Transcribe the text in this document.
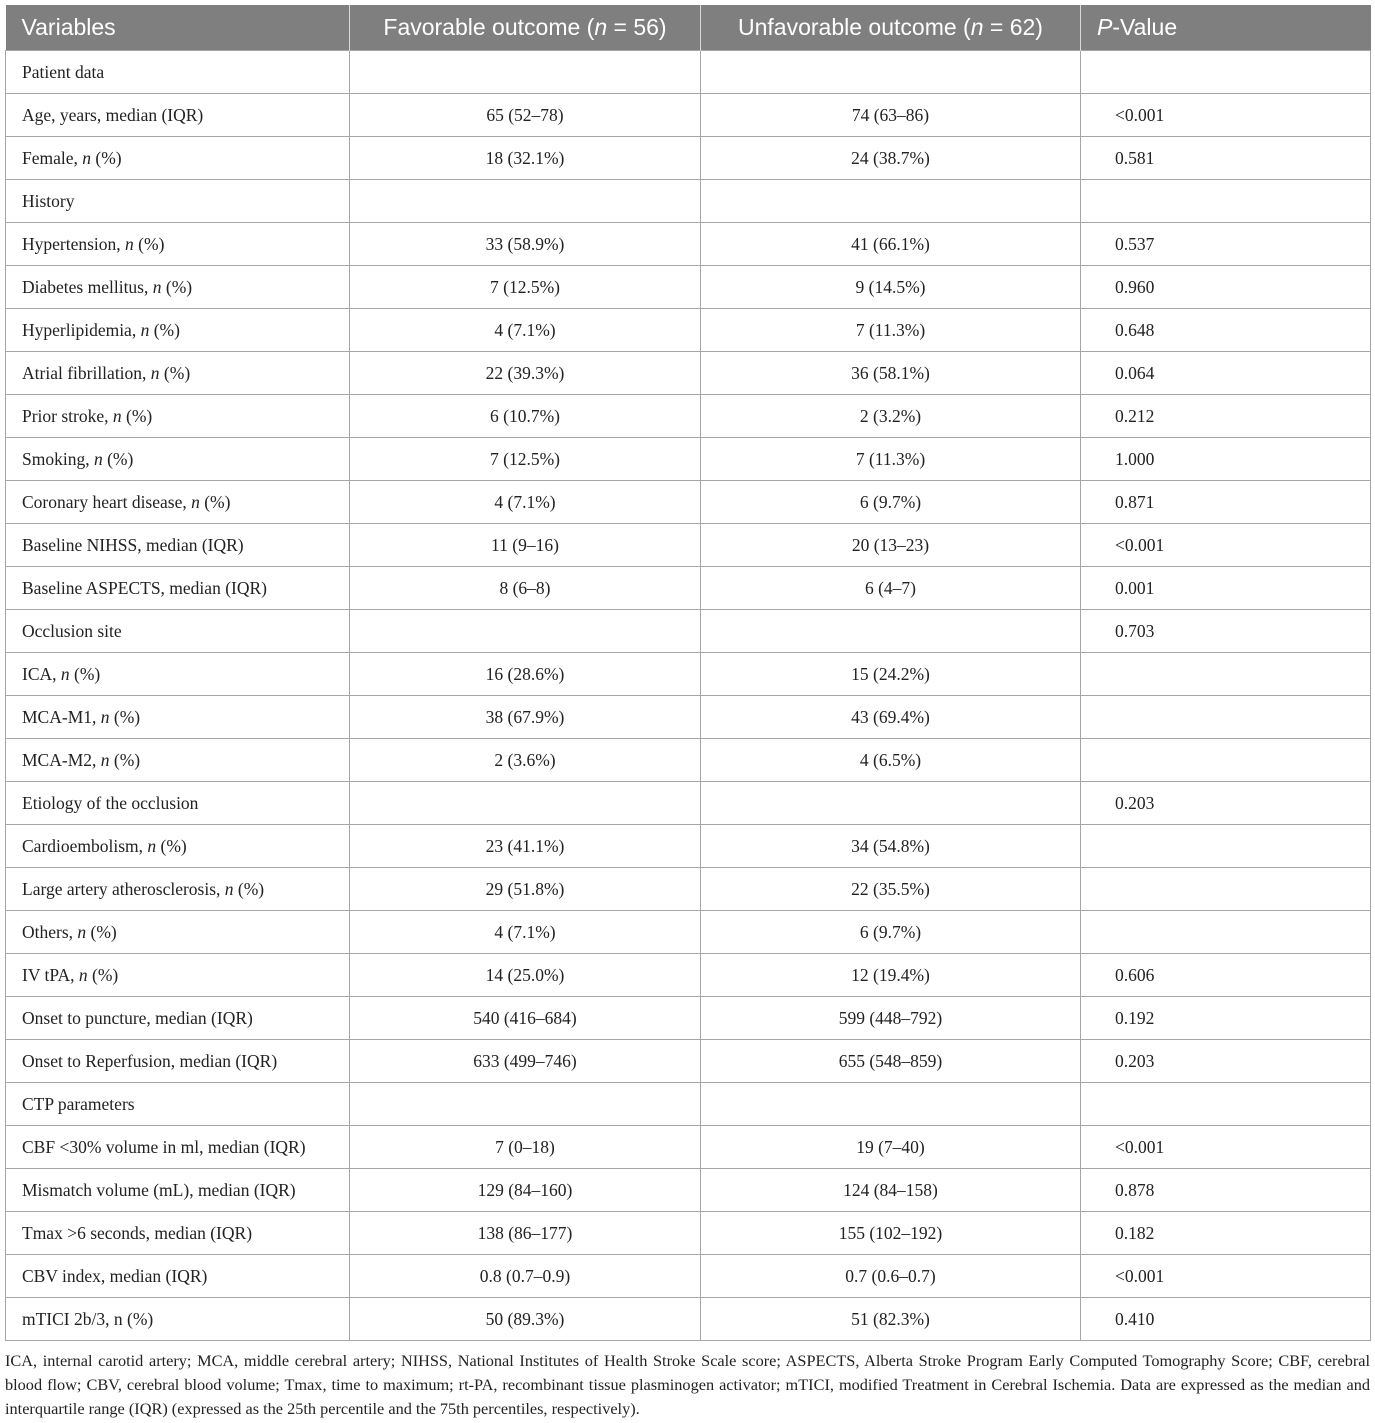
Variables	Favorable outcome (n = 56)	Unfavorable outcome (n = 62)	P-Value
Patient data			
Age, years, median (IQR)	65 (52–78)	74 (63–86)	<0.001
Female, n (%)	18 (32.1%)	24 (38.7%)	0.581
History			
Hypertension, n (%)	33 (58.9%)	41 (66.1%)	0.537
Diabetes mellitus, n (%)	7 (12.5%)	9 (14.5%)	0.960
Hyperlipidemia, n (%)	4 (7.1%)	7 (11.3%)	0.648
Atrial fibrillation, n (%)	22 (39.3%)	36 (58.1%)	0.064
Prior stroke, n (%)	6 (10.7%)	2 (3.2%)	0.212
Smoking, n (%)	7 (12.5%)	7 (11.3%)	1.000
Coronary heart disease, n (%)	4 (7.1%)	6 (9.7%)	0.871
Baseline NIHSS, median (IQR)	11 (9–16)	20 (13–23)	<0.001
Baseline ASPECTS, median (IQR)	8 (6–8)	6 (4–7)	0.001
Occlusion site			0.703
ICA, n (%)	16 (28.6%)	15 (24.2%)	
MCA-M1, n (%)	38 (67.9%)	43 (69.4%)	
MCA-M2, n (%)	2 (3.6%)	4 (6.5%)	
Etiology of the occlusion			0.203
Cardioembolism, n (%)	23 (41.1%)	34 (54.8%)	
Large artery atherosclerosis, n (%)	29 (51.8%)	22 (35.5%)	
Others, n (%)	4 (7.1%)	6 (9.7%)	
IV tPA, n (%)	14 (25.0%)	12 (19.4%)	0.606
Onset to puncture, median (IQR)	540 (416–684)	599 (448–792)	0.192
Onset to Reperfusion, median (IQR)	633 (499–746)	655 (548–859)	0.203
CTP parameters			
CBF <30% volume in ml, median (IQR)	7 (0–18)	19 (7–40)	<0.001
Mismatch volume (mL), median (IQR)	129 (84–160)	124 (84–158)	0.878
Tmax >6 seconds, median (IQR)	138 (86–177)	155 (102–192)	0.182
CBV index, median (IQR)	0.8 (0.7–0.9)	0.7 (0.6–0.7)	<0.001
mTICI 2b/3, n (%)	50 (89.3%)	51 (82.3%)	0.410

ICA, internal carotid artery; MCA, middle cerebral artery; NIHSS, National Institutes of Health Stroke Scale score; ASPECTS, Alberta Stroke Program Early Computed Tomography Score; CBF, cerebral blood flow; CBV, cerebral blood volume; Tmax, time to maximum; rt-PA, recombinant tissue plasminogen activator; mTICI, modified Treatment in Cerebral Ischemia. Data are expressed as the median and interquartile range (IQR) (expressed as the 25th percentile and the 75th percentiles, respectively).
